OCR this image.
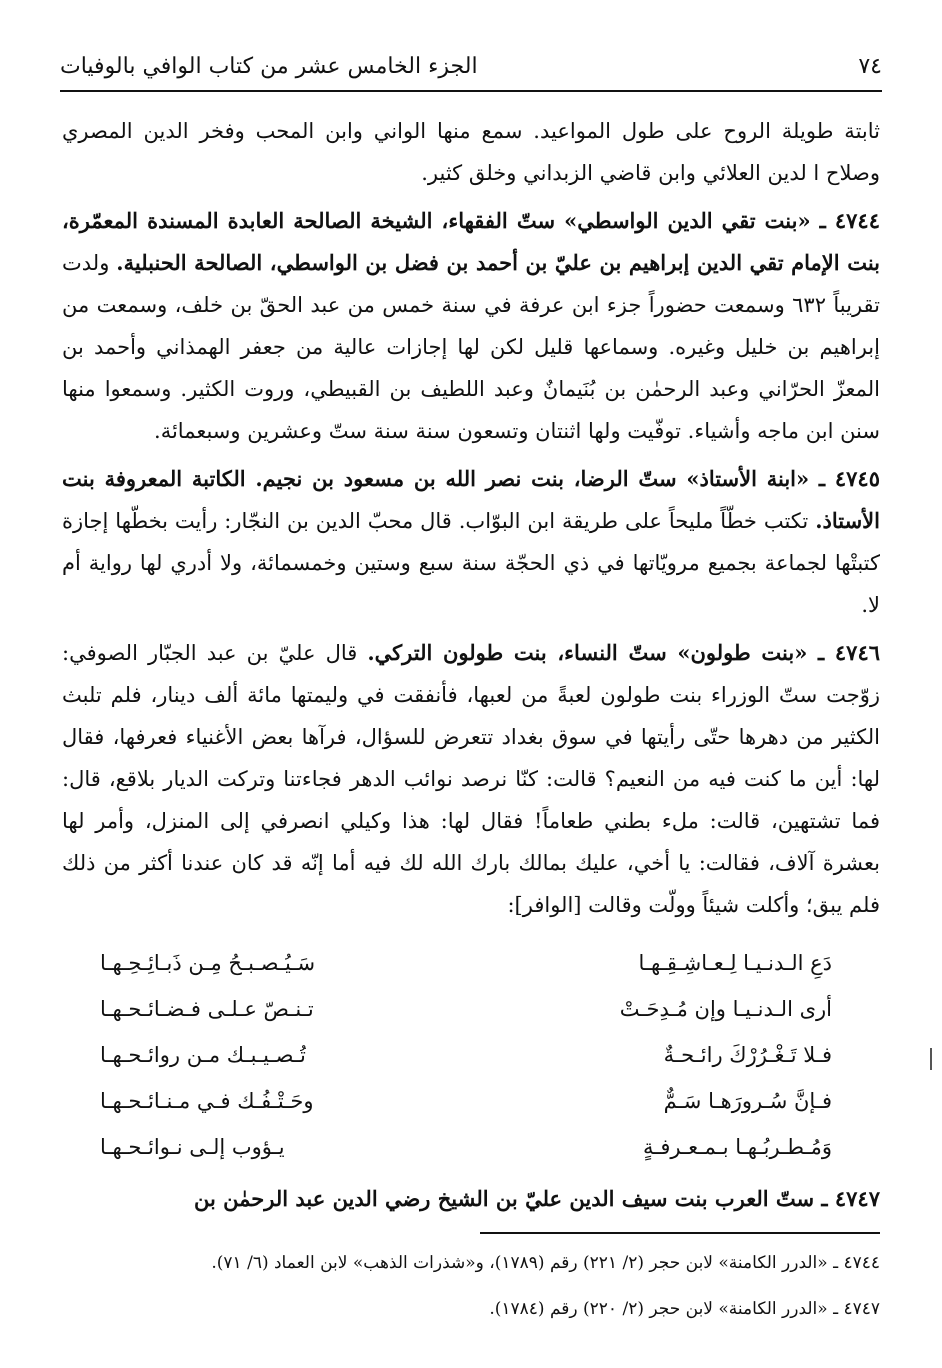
٧٤
الجزء الخامس عشر من كتاب الوافي بالوفيات

ثابتة طويلة الروح على طول المواعيد. سمع منها الواني وابن المحب وفخر الدين المصري وصلاح ا لدين العلائي وابن قاضي الزبداني وخلق كثير.

٤٧٤٤ ـ «بنت تقي الدين الواسطي» ستّ الفقهاء، الشيخة الصالحة العابدة المسندة المعمّرة، بنت الإمام تقي الدين إبراهيم بن عليّ بن أحمد بن فضل بن الواسطي، الصالحة الحنبلية. ولدت تقريباً ٦٣٢ وسمعت حضوراً جزء ابن عرفة في سنة خمس من عبد الحقّ بن خلف، وسمعت من إبراهيم بن خليل وغيره. وسماعها قليل لكن لها إجازات عالية من جعفر الهمذاني وأحمد بن المعزّ الحرّاني وعبد الرحمٰن بن بُنَيمانٌ وعبد اللطيف بن القبيطي، وروت الكثير. وسمعوا منها سنن ابن ماجه وأشياء. توفّيت ولها اثنتان وتسعون سنة سنة ستّ وعشرين وسبعمائة.

٤٧٤٥ ـ «ابنة الأستاذ» ستّ الرضا، بنت نصر الله بن مسعود بن نجيم. الكاتبة المعروفة بنت الأستاذ. تكتب خطّاً مليحاً على طريقة ابن البوّاب. قال محبّ الدين بن النجّار: رأيت بخطّها إجازة كتبتْها لجماعة بجميع مرويّاتها في ذي الحجّة سنة سبع وستين وخمسمائة، ولا أدري لها رواية أم لا.

٤٧٤٦ ـ «بنت طولون» ستّ النساء، بنت طولون التركي. قال عليّ بن عبد الجبّار الصوفي: زوّجت ستّ الوزراء بنت طولون لعبةً من لعبها، فأنفقت في وليمتها مائة ألف دينار، فلم تلبث الكثير من دهرها حتّى رأيتها في سوق بغداد تتعرض للسؤال، فرآها بعض الأغنياء فعرفها، فقال لها: أين ما كنت فيه من النعيم؟ قالت: كنّا نرصد نوائب الدهر فجاءتنا وتركت الديار بلاقع، قال: فما تشتهين، قالت: ملء بطني طعاماً! فقال لها: هذا وكيلي انصرفي إلى المنزل، وأمر لها بعشرة آلاف، فقالت: يا أخي، عليك بمالك بارك الله لك فيه أما إنّه قد كان عندنا أكثر من ذلك فلم يبق؛ وأكلت شيئاً وولّت وقالت [الوافر]:

دَعِ الـدنـيـا لِـعـاشِـقِـهـا
سَـيُـصـبـحُ مِـن ذَبـائِـحِـهـا
أرى الـدنـيـا وإن مُـدِحَـتْ
تـنـصّ عـلـى فـضـائـحـهـا
فـلا تَـغْـرُرْكَ رائـحـةٌ
تُـصـيـبـك مـن روائـحـهـا
فـإنَّ سُـرورَهـا سَـمٌّ
وحَـتْـفُـك فـي مـنـائـحـهـا
وَمُـطـربُـهـا بـمـعـرفـةٍ
يـؤوب إلـى نـوائـحـهـا
٤٧٤٧ ـ ستّ العرب بنت سيف الدين عليّ بن الشيخ رضي الدين عبد الرحمٰن بن
٤٧٤٤ ـ «الدرر الكامنة» لابن حجر (٢/ ٢٢١) رقم (١٧٨٩)، و«شذرات الذهب» لابن العماد (٦/ ٧١).
٤٧٤٧ ـ «الدرر الكامنة» لابن حجر (٢/ ٢٢٠) رقم (١٧٨٤).
